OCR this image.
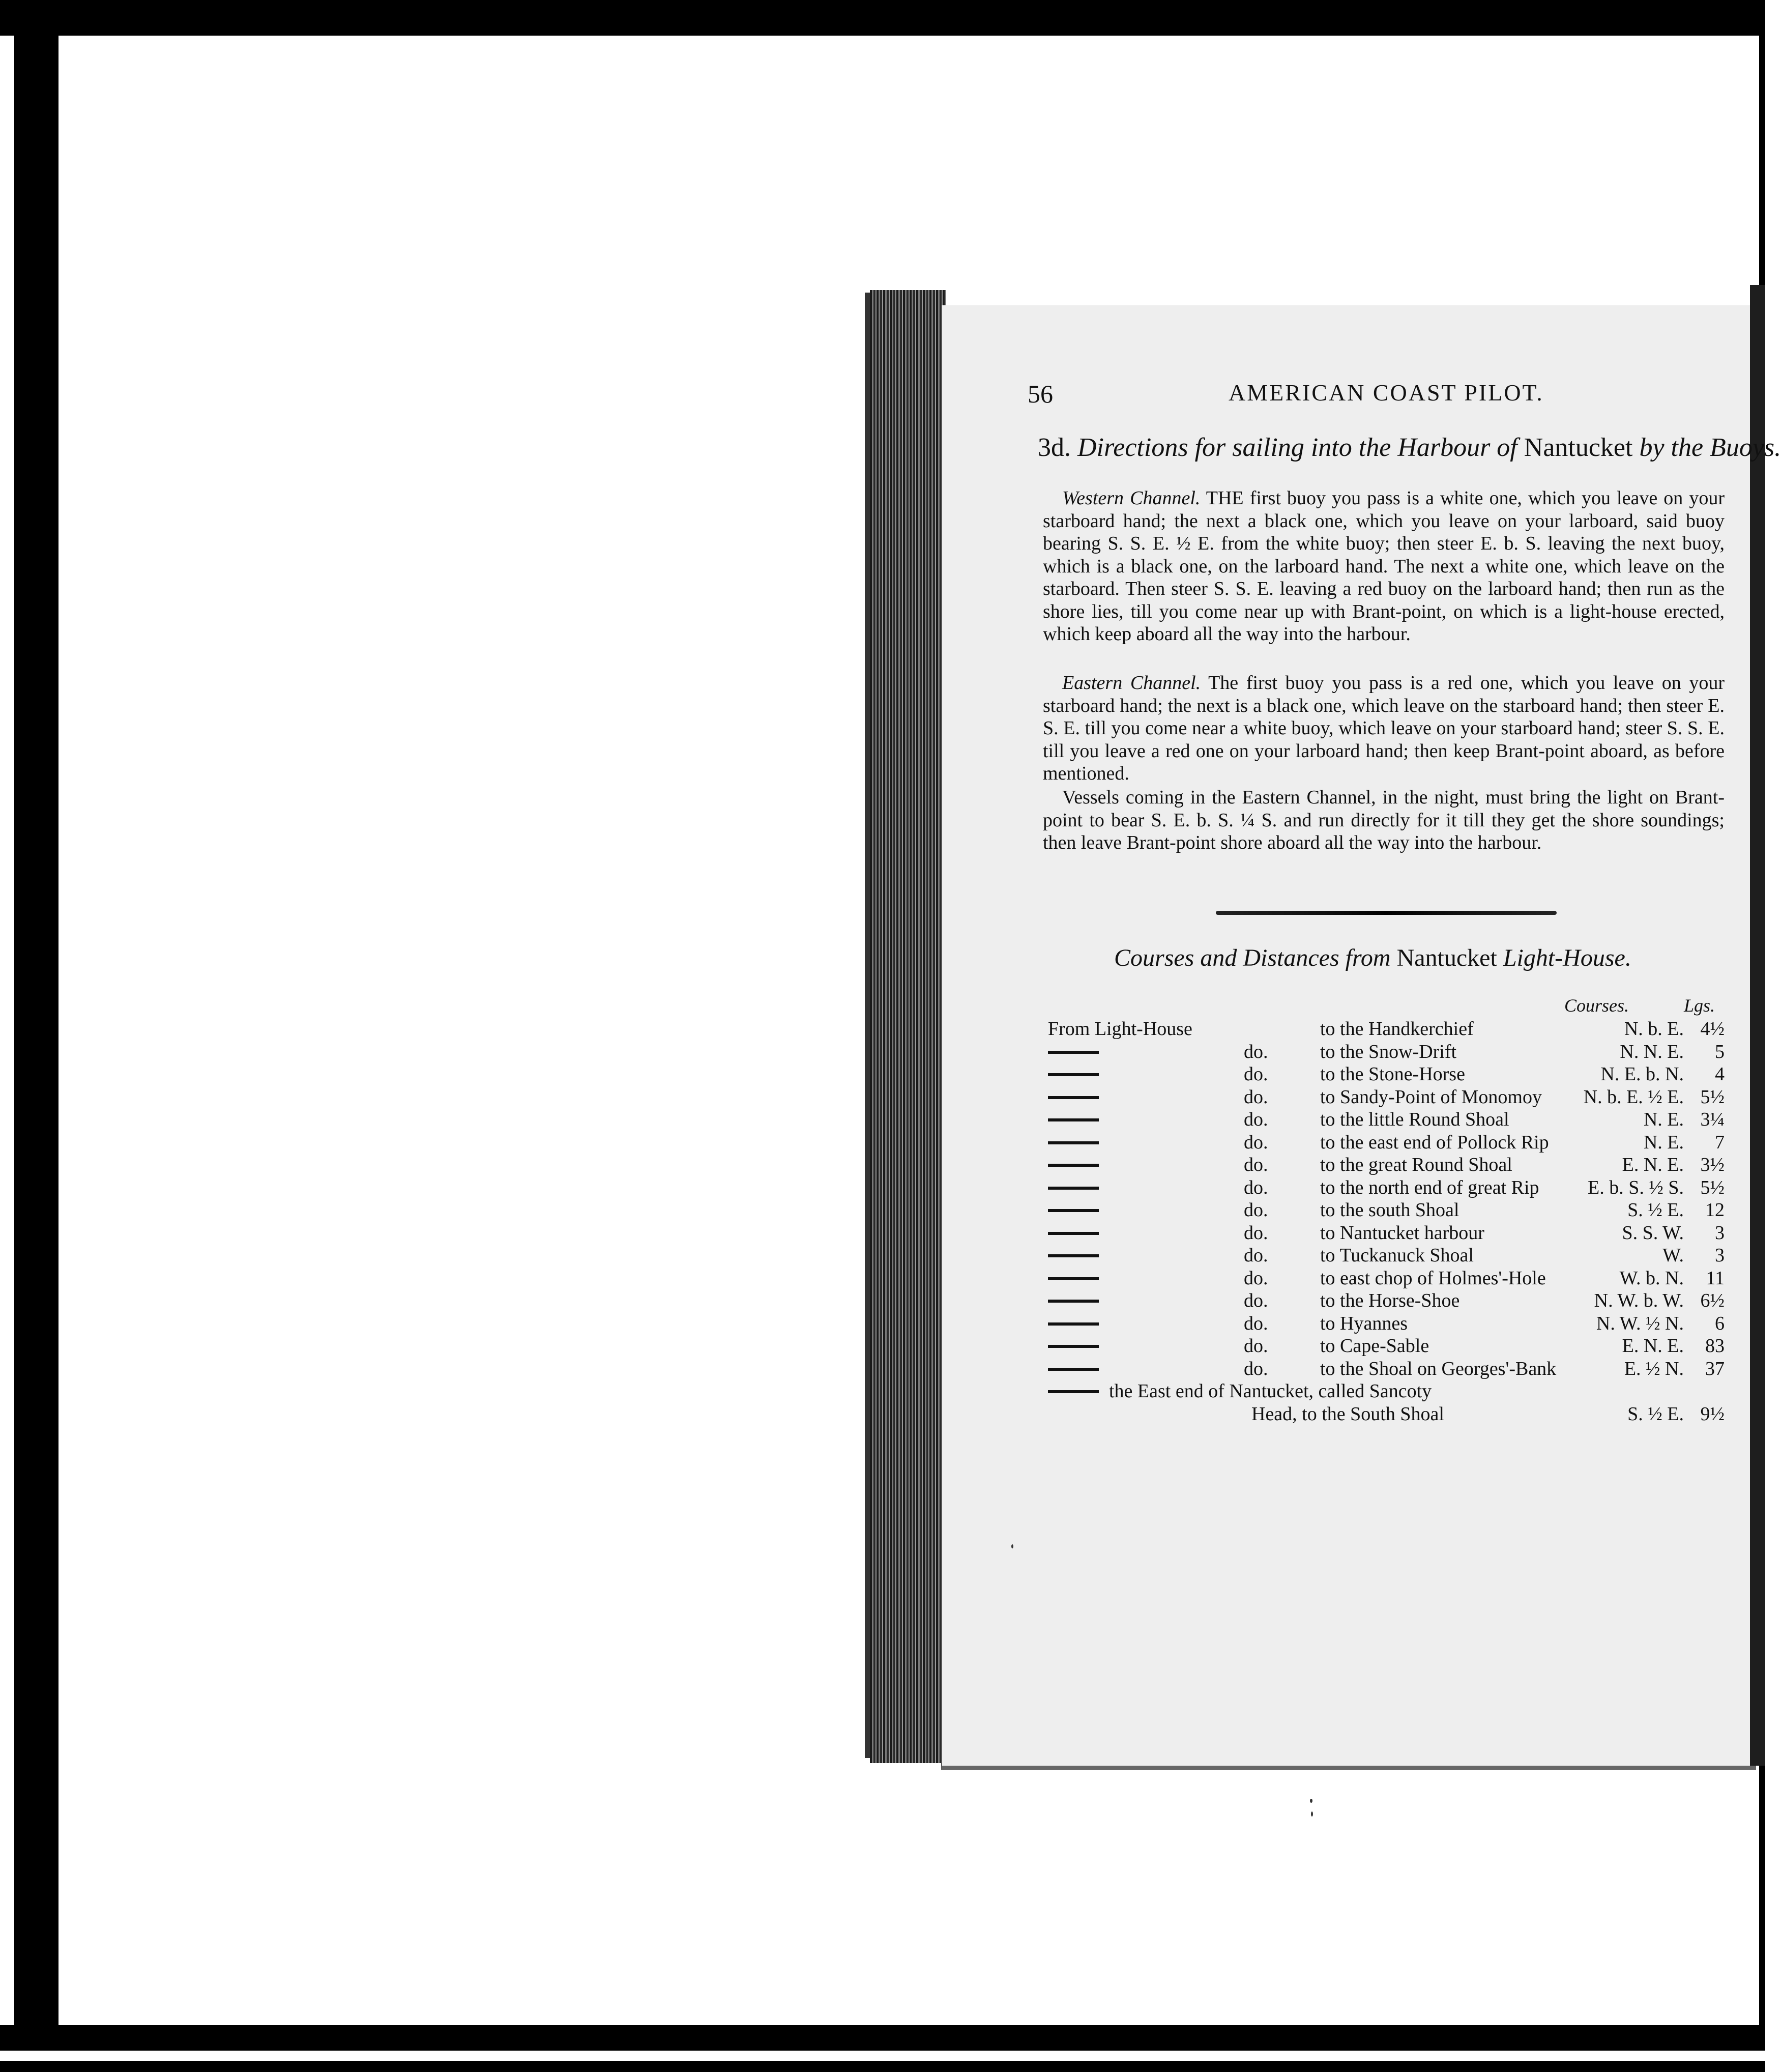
56	AMERICAN COAST PILOT.
3d. Directions for sailing into the Harbour of Nantucket by the Buoys.
 Western Channel. THE first buoy you pass is a white one, which you leave on your starboard hand; the next a black one, which you leave on your larboard, said buoy bearing S. S. E. ½ E. from the white buoy; then steer E. b. S. leaving the next buoy, which is a black one, on the larboard hand. The next a white one, which leave on the starboard. Then steer S. S. E. leaving a red buoy on the larboard hand; then run as the shore lies, till you come near up with Brant-point, on which is a light-house erected, which keep aboard all the way into the harbour.
 Eastern Channel. The first buoy you pass is a red one, which you leave on your starboard hand; the next is a black one, which leave on the starboard hand; then steer E. S. E. till you come near a white buoy, which leave on your starboard hand; steer S. S. E. till you leave a red one on your larboard hand; then keep Brant-point aboard, as before mentioned.
 Vessels coming in the Eastern Channel, in the night, must bring the light on Brant-point to bear S. E. b. S. ¼ S. and run directly for it till they get the shore soundings; then leave Brant-point shore aboard all the way into the harbour.
Courses and Distances from Nantucket Light-House.
Courses.	Lgs.
From Light-House	to the Handkerchief	N. b. E. 4½
do.	to the Snow-Drift	N. N. E.	5
do.	to the Stone-Horse	N. E. b. N.	4
do.	to Sandy-Point of Monomoy	N. b. E. ½ E. 5½
do.	to the little Round Shoal	N. E. 3¼
do.	to the east end of Pollock Rip	N. E.	7
do.	to the great Round Shoal	E. N. E. 3½
do.	to the north end of great Rip	E. b. S. ½ S. 5½
do.	to the south Shoal	S. ½ E.	12
do.	to Nantucket harbour	S. S. W.	3
do.	to Tuckanuck Shoal	W.	3
do.	to east chop of Holmes'-Hole	W. b. N.	11
do.	to the Horse-Shoe	N. W. b. W. 6½
do.	to Hyannes	N. W. ½ N.	6
do.	to Cape-Sable	E. N. E.	83
do.	to the Shoal on Georges'-Bank	E. ½ N.	37
the East end of Nantucket, called Sancoty
Head, to the South Shoal	S. ½ E. 9½
